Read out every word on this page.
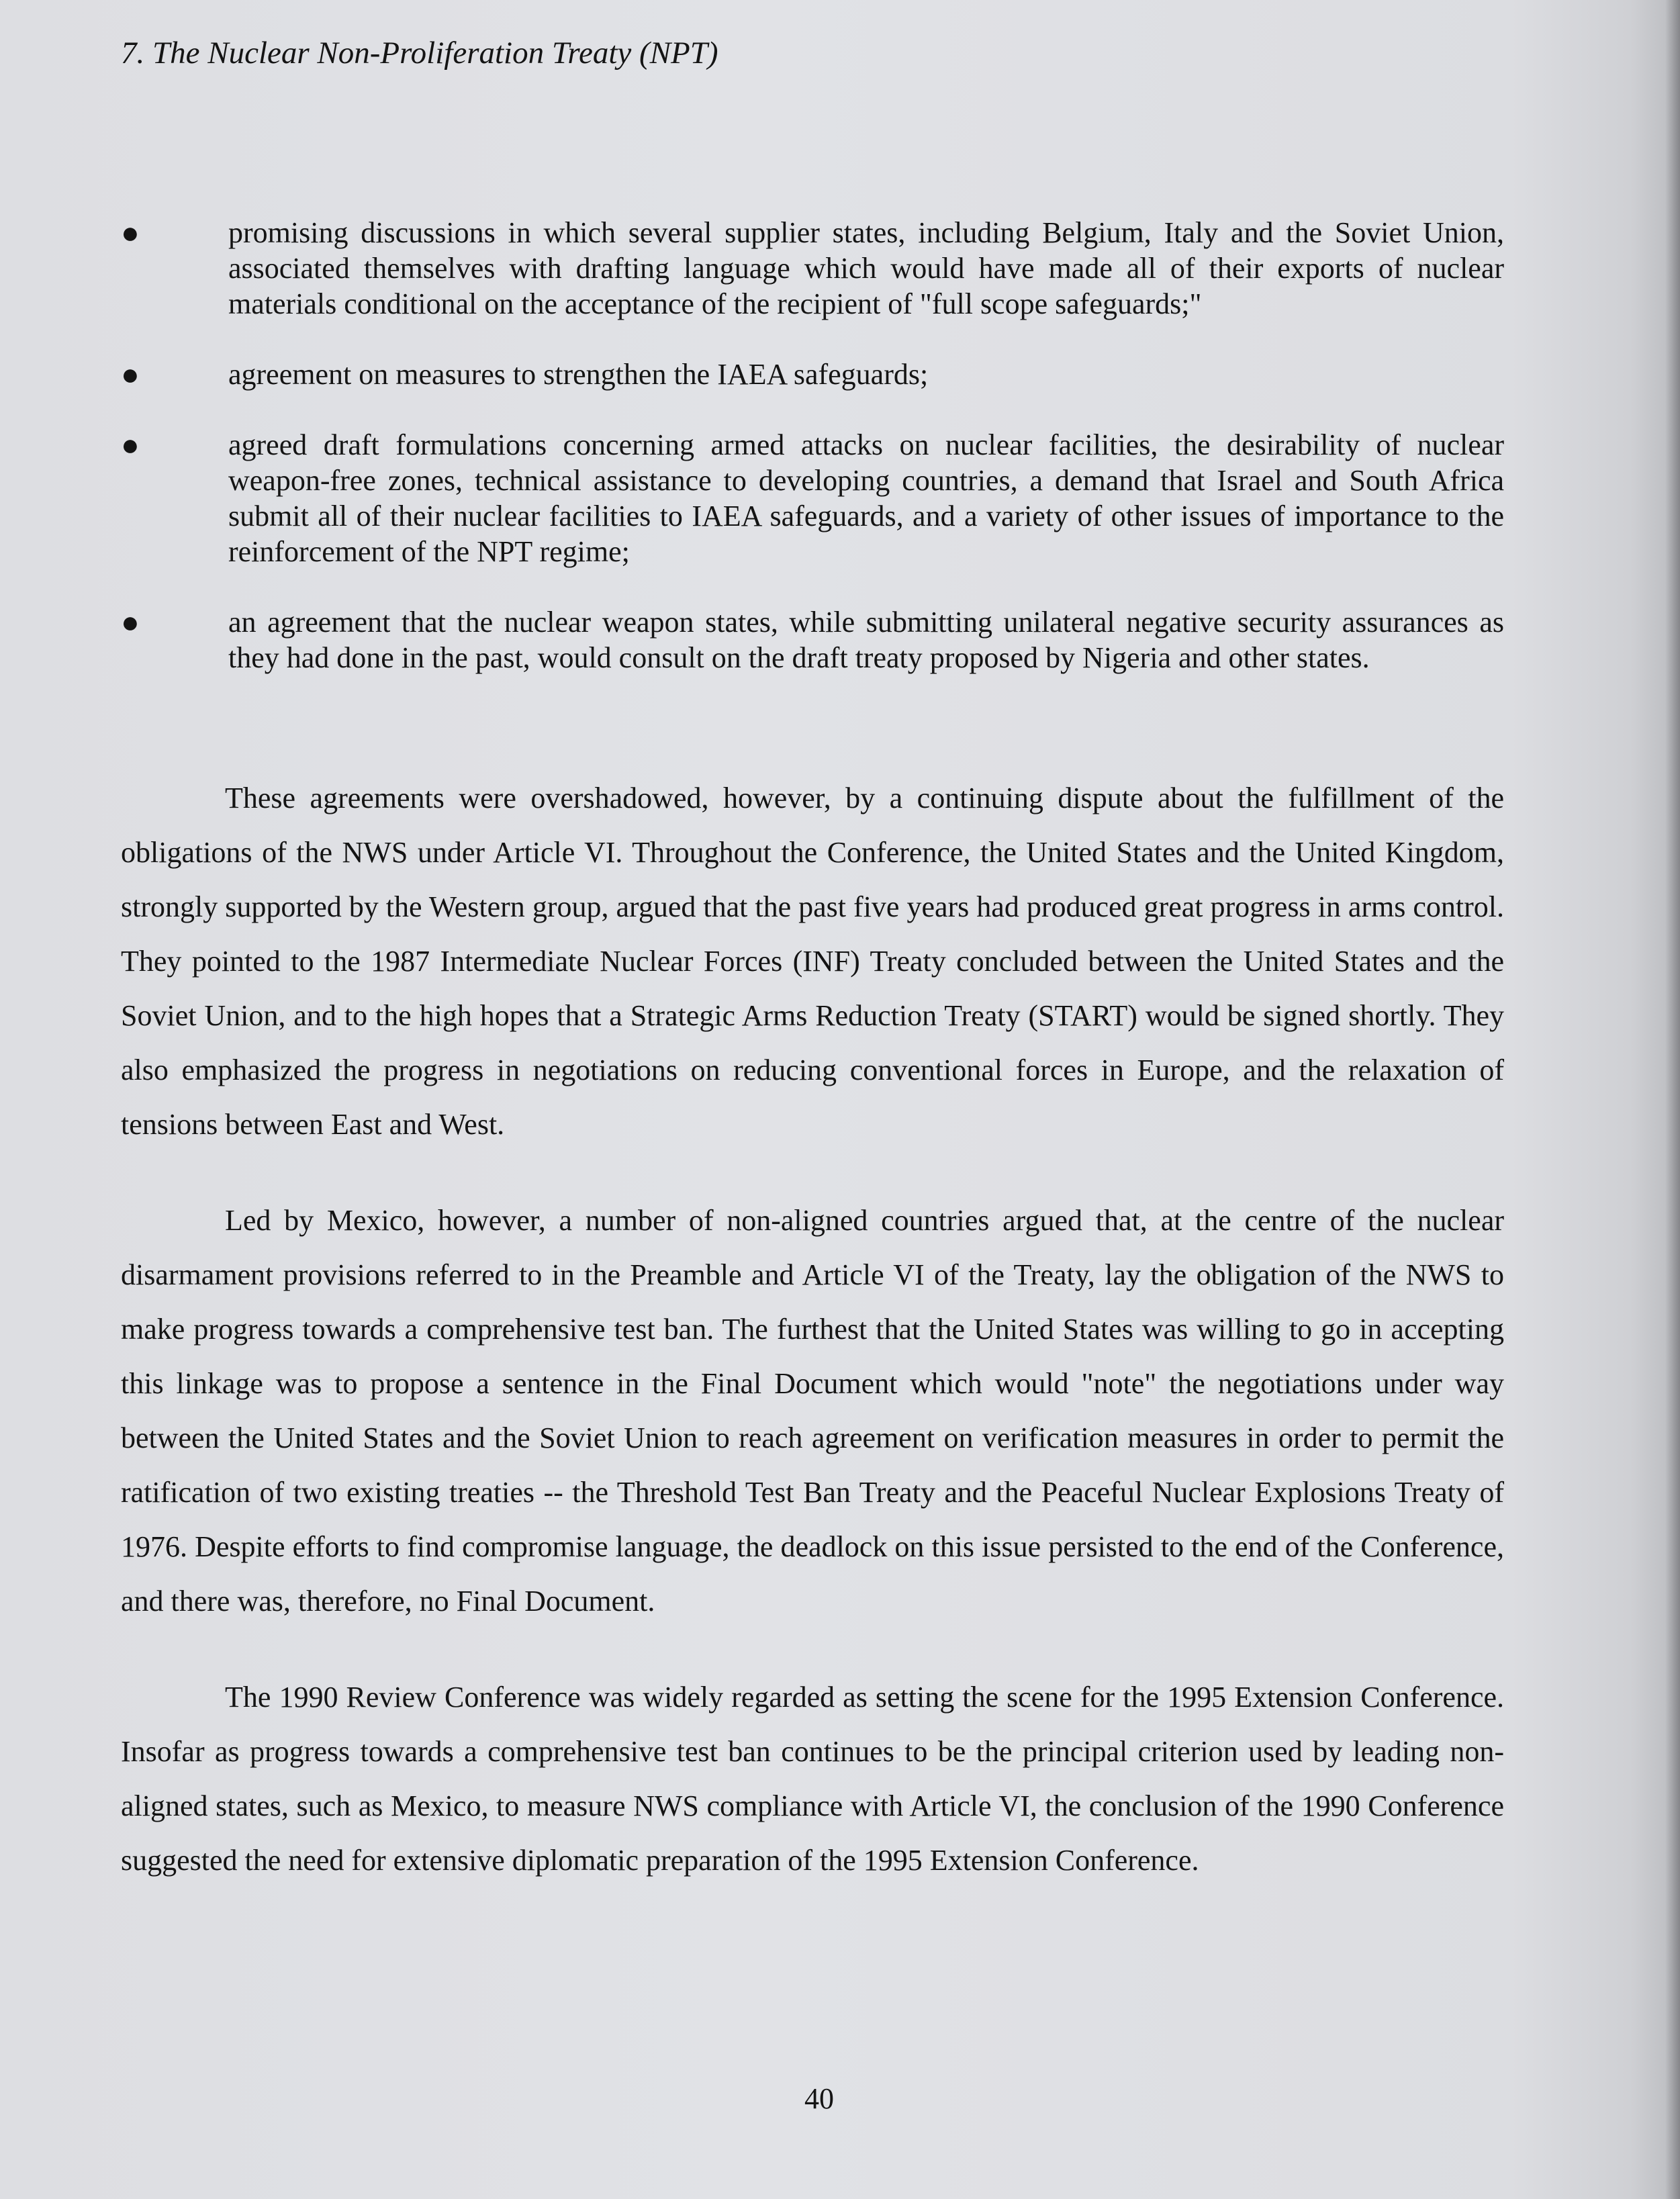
7. The Nuclear Non-Proliferation Treaty (NPT)
●	promising discussions in which several supplier states, including Belgium, Italy and the Soviet Union, associated themselves with drafting language which would have made all of their exports of nuclear materials conditional on the acceptance of the recipient of "full scope safeguards;"
●	agreement on measures to strengthen the IAEA safeguards;
●	agreed draft formulations concerning armed attacks on nuclear facilities, the desirability of nuclear weapon-free zones, technical assistance to developing countries, a demand that Israel and South Africa submit all of their nuclear facilities to IAEA safeguards, and a variety of other issues of importance to the reinforcement of the NPT regime;
●	an agreement that the nuclear weapon states, while submitting unilateral negative security assurances as they had done in the past, would consult on the draft treaty proposed by Nigeria and other states.

These agreements were overshadowed, however, by a continuing dispute about the fulfillment of the obligations of the NWS under Article VI. Throughout the Conference, the United States and the United Kingdom, strongly supported by the Western group, argued that the past five years had produced great progress in arms control. They pointed to the 1987 Intermediate Nuclear Forces (INF) Treaty concluded between the United States and the Soviet Union, and to the high hopes that a Strategic Arms Reduction Treaty (START) would be signed shortly. They also emphasized the progress in negotiations on reducing conventional forces in Europe, and the relaxation of tensions between East and West.

Led by Mexico, however, a number of non-aligned countries argued that, at the centre of the nuclear disarmament provisions referred to in the Preamble and Article VI of the Treaty, lay the obligation of the NWS to make progress towards a comprehensive test ban. The furthest that the United States was willing to go in accepting this linkage was to propose a sentence in the Final Document which would "note" the negotiations under way between the United States and the Soviet Union to reach agreement on verification measures in order to permit the ratification of two existing treaties -- the Threshold Test Ban Treaty and the Peaceful Nuclear Explosions Treaty of 1976. Despite efforts to find compromise language, the deadlock on this issue persisted to the end of the Conference, and there was, therefore, no Final Document.

The 1990 Review Conference was widely regarded as setting the scene for the 1995 Extension Conference. Insofar as progress towards a comprehensive test ban continues to be the principal criterion used by leading non-aligned states, such as Mexico, to measure NWS compliance with Article VI, the conclusion of the 1990 Conference suggested the need for extensive diplomatic preparation of the 1995 Extension Conference.

40
